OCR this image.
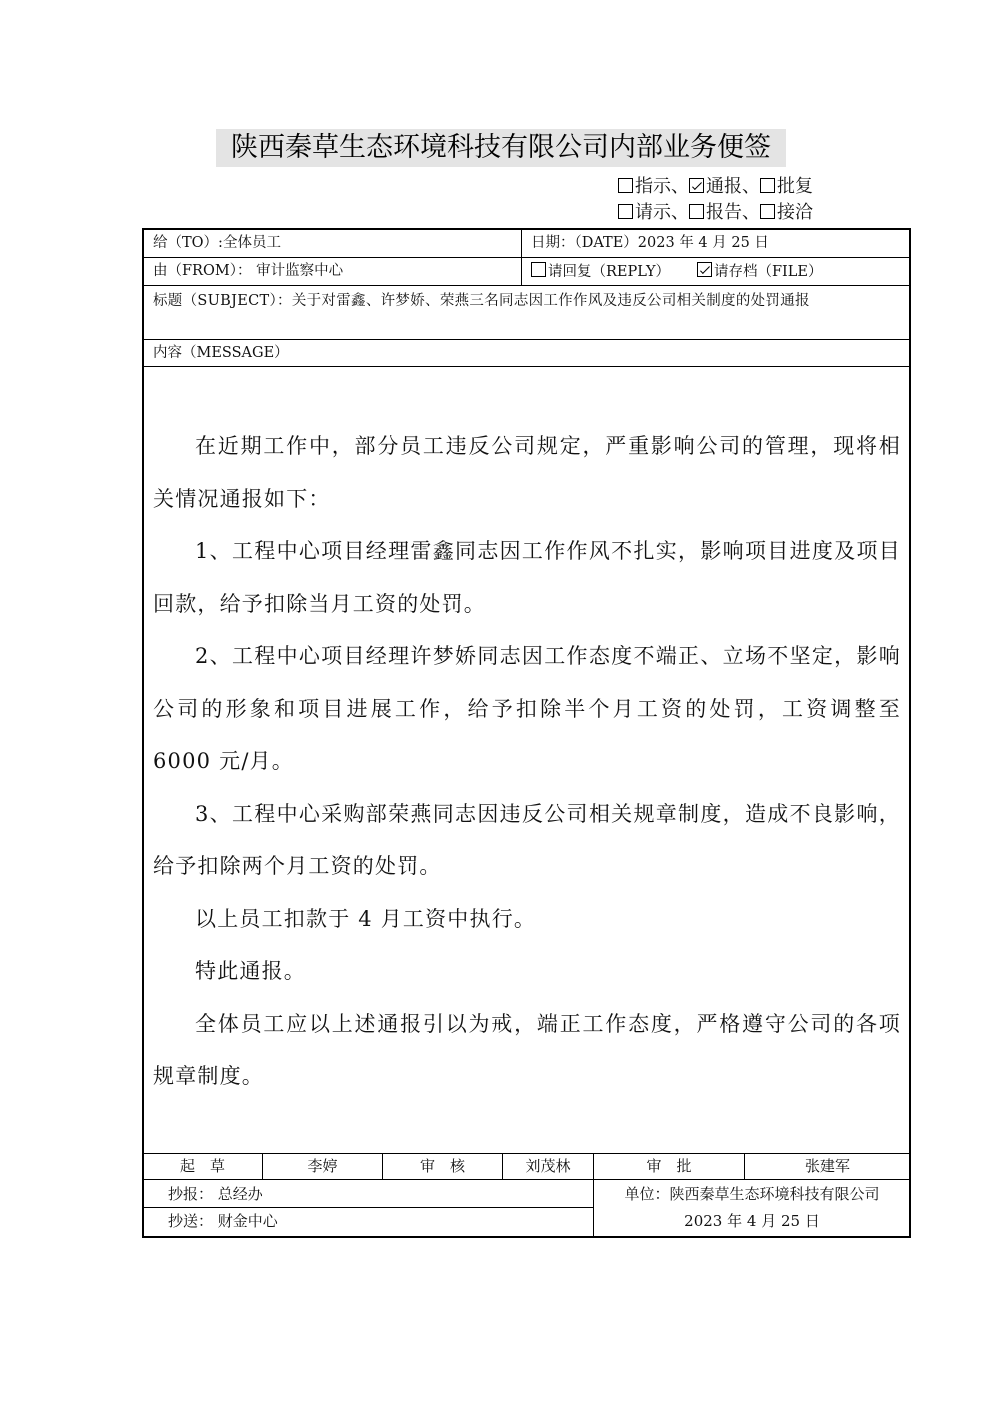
陕西秦草生态环境科技有限公司内部业务便签
指示、 通报、 批复
请示、 报告、 接洽
给（TO）:全体员工	日期：（DATE）2023 年 4 月 25 日
由（FROM）： 审计监察中心	请回复（REPLY）	请存档（FILE）
标题（SUBJECT）：关于对雷鑫、许梦娇、荣燕三名同志因工作作风及违反公司相关制度的处罚通报
内容（MESSAGE）

在近期工作中，部分员工违反公司规定，严重影响公司的管理，现将相关情况通报如下：

1、工程中心项目经理雷鑫同志因工作作风不扎实，影响项目进度及项目回款，给予扣除当月工资的处罚。

2、工程中心项目经理许梦娇同志因工作态度不端正、立场不坚定，影响公司的形象和项目进展工作，给予扣除半个月工资的处罚，工资调整至 6000 元/月。

3、工程中心采购部荣燕同志因违反公司相关规章制度，造成不良影响，给予扣除两个月工资的处罚。

以上员工扣款于 4 月工资中执行。

特此通报。

全体员工应以上述通报引以为戒，端正工作态度，严格遵守公司的各项规章制度。

起　草	李婷	审　核	刘茂林	审　批	张建军
抄报： 总经办
抄送： 财金中心
单位：陕西秦草生态环境科技有限公司
2023 年 4 月 25 日
